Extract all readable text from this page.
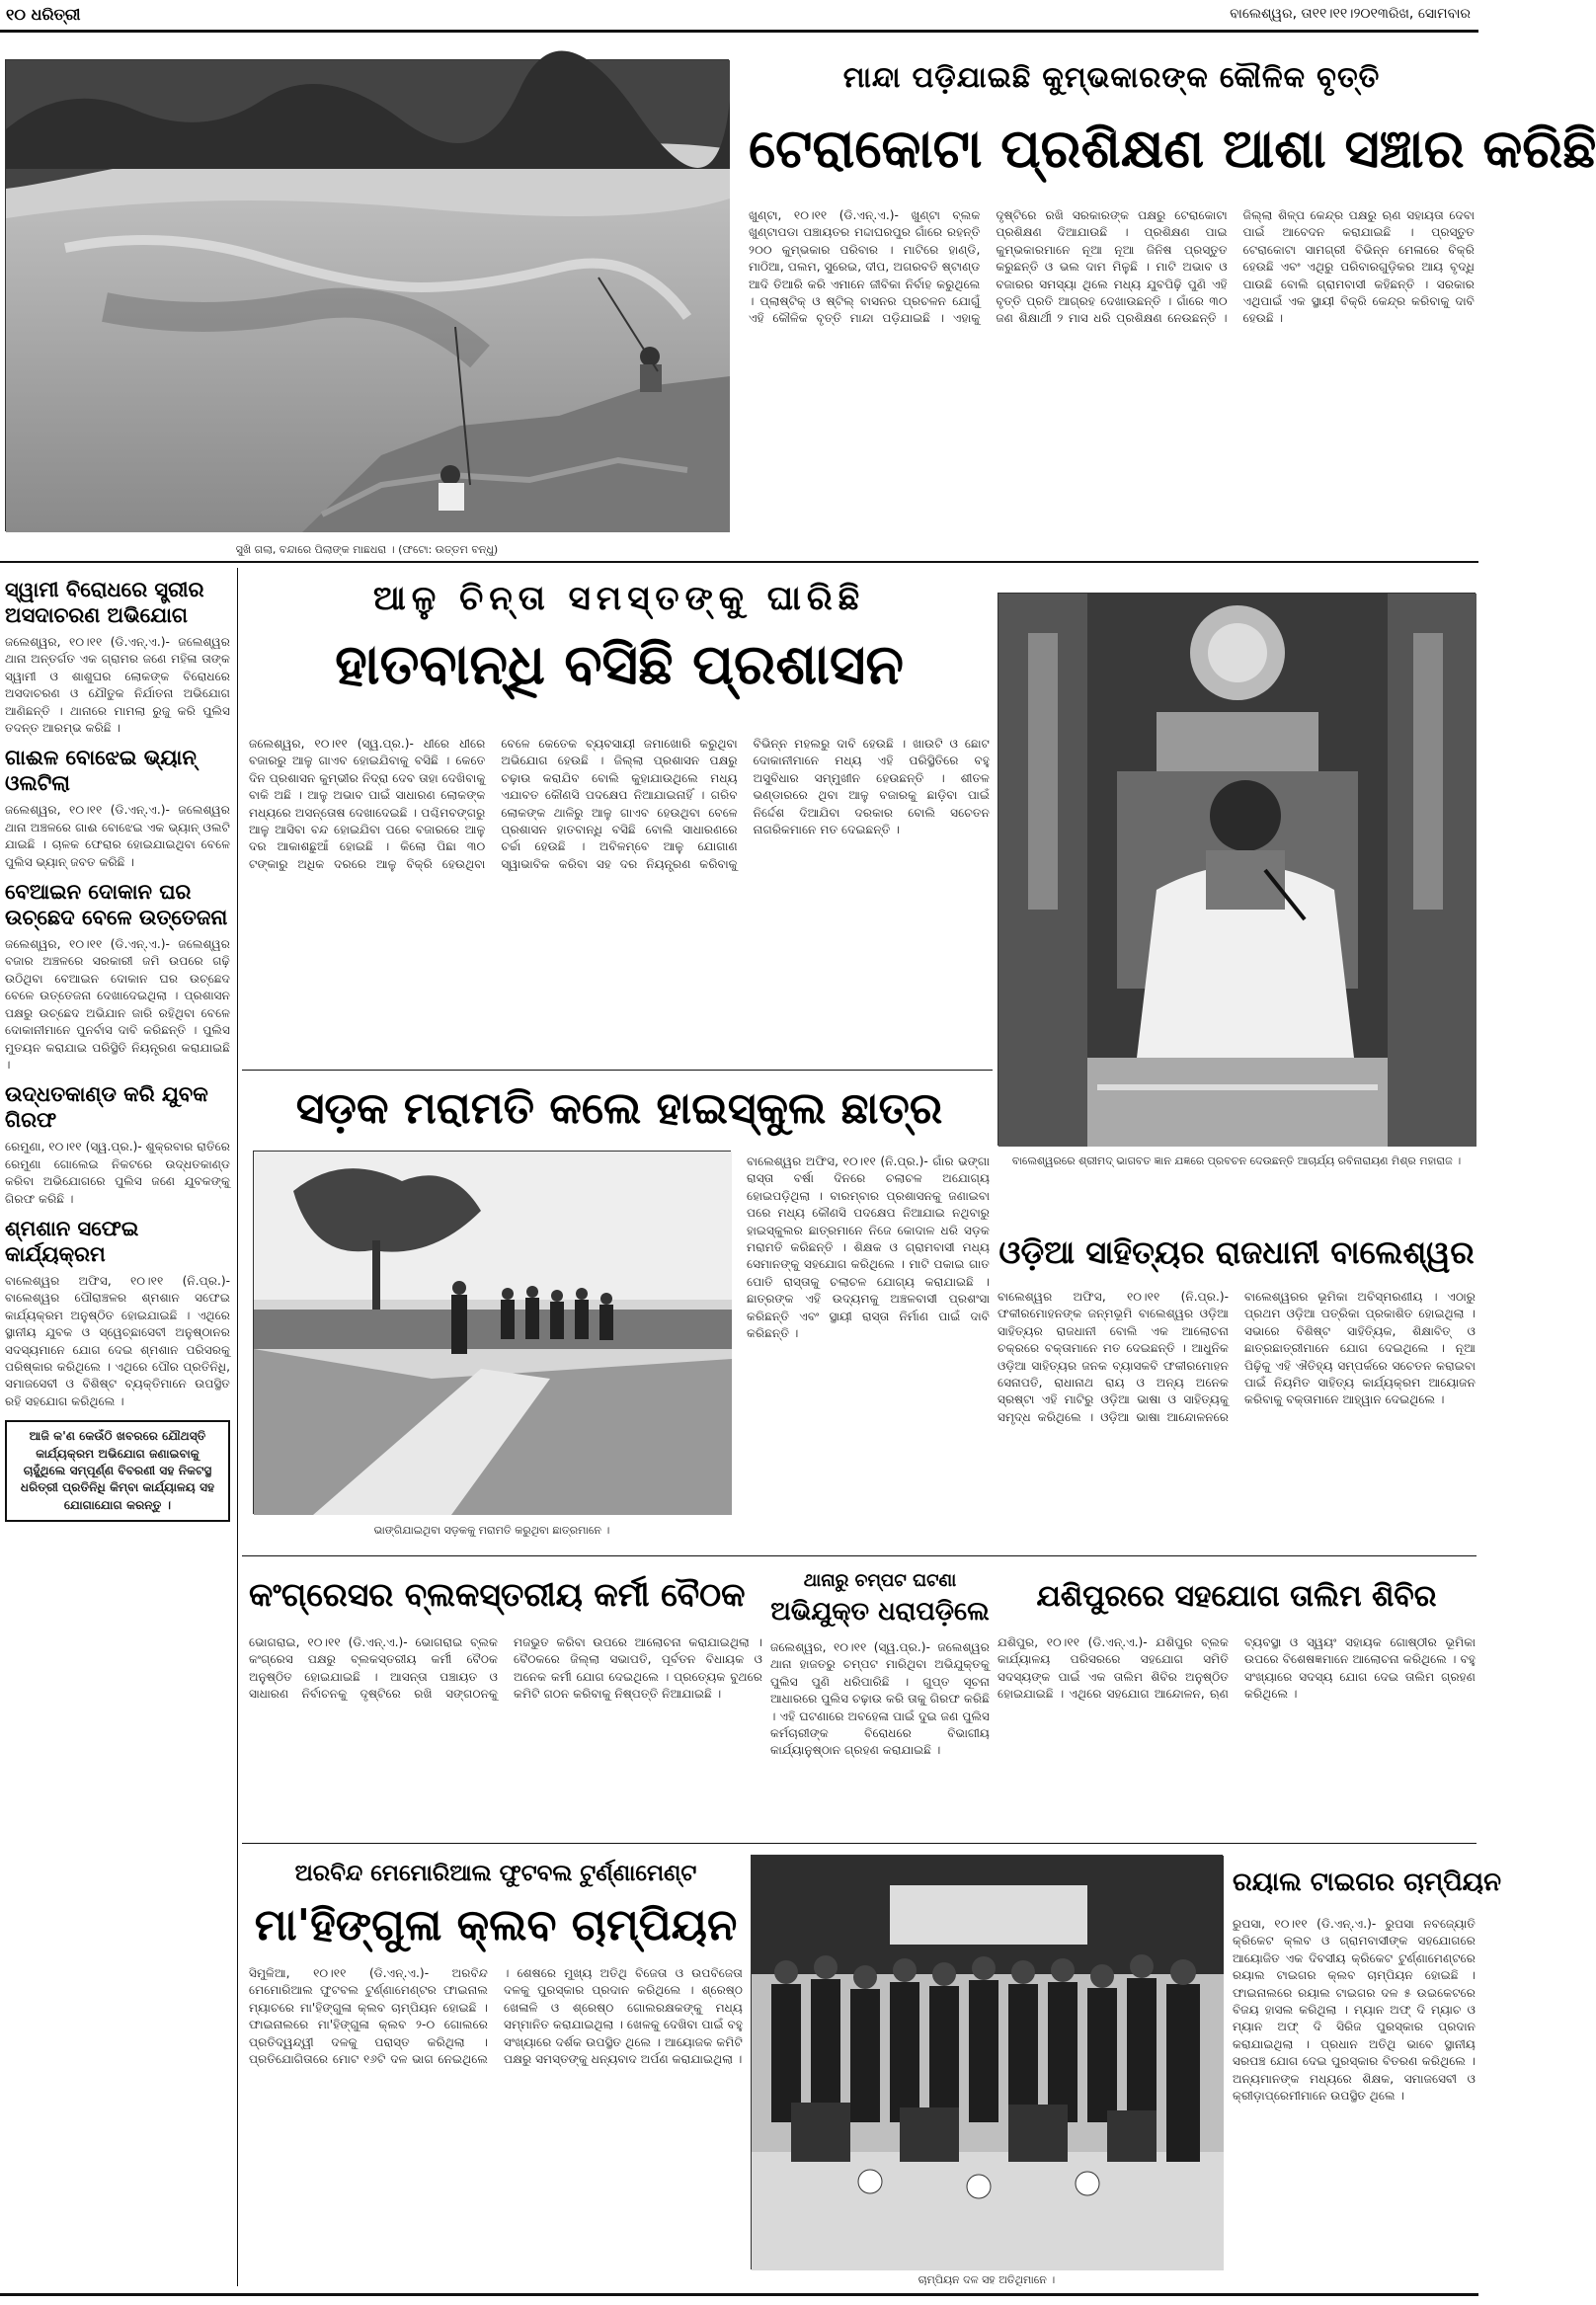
୧୦ ଧରିତ୍ରୀ	ବାଲେଶ୍ୱର, ତା୧୧।୧୧।୨୦୧୩ରିଖ, ସୋମବାର
ସୁଖି ଗଲା, ବନ୍ଦାରେ ପିଲାଙ୍କ ମାଛଧରା । (ଫଟୋ: ଉତ୍ତମ ବନ୍ଧୁ)
ମାନ୍ଦା ପଡ଼ିଯାଇଛି କୁମ୍ଭକାରଙ୍କ କୌଳିକ ବୃତ୍ତି
ଟେରାକୋଟା ପ୍ରଶିକ୍ଷଣ ଆଶା ସଞ୍ଚାର କରିଛି
ଖୁଣ୍ଟା, ୧୦।୧୧ (ଡି.ଏନ୍.ଏ.)- ଖୁଣ୍ଟା ବ୍ଲକ ଖୁଣ୍ଟାପଡା ପଞ୍ଚାୟତର ମଦ୍ଦାଘରପୁର ଗାଁରେ ରହନ୍ତି ୨୦୦ କୁମ୍ଭକାର ପରିବାର । ମାଟିରେ ହାଣ୍ଡି, ମାଠିଆ, ପଲମ, ସୁରେଇ, ଦୀପ, ଅଗରବତି ଷ୍ଟାଣ୍ଡ ଆଦି ତିଆରି କରି ଏମାନେ ଜୀବିକା ନିର୍ବାହ କରୁଥିଲେ । ପ୍ଲାଷ୍ଟିକ୍ ଓ ଷ୍ଟିଲ୍ ବାସନର ପ୍ରଚଳନ ଯୋଗୁଁ ଏହି କୌଳିକ ବୃତ୍ତି ମାନ୍ଦା ପଡ଼ିଯାଇଛି । ଏହାକୁ ଦୃଷ୍ଟିରେ ରଖି ସରକାରଙ୍କ ପକ୍ଷରୁ ଟେରାକୋଟା ପ୍ରଶିକ୍ଷଣ ଦିଆଯାଉଛି । ପ୍ରଶିକ୍ଷଣ ପାଇ କୁମ୍ଭକାରମାନେ ନୂଆ ନୂଆ ଜିନିଷ ପ୍ରସ୍ତୁତ କରୁଛନ୍ତି ଓ ଭଲ ଦାମ ମିଳୁଛି । ମାଟି ଅଭାବ ଓ ବଜାରର ସମସ୍ୟା ଥିଲେ ମଧ୍ୟ ଯୁବପିଢ଼ି ପୁଣି ଏହି ବୃତ୍ତି ପ୍ରତି ଆଗ୍ରହ ଦେଖାଉଛନ୍ତି । ଗାଁରେ ୩୦ ଜଣ ଶିକ୍ଷାର୍ଥୀ ୨ ମାସ ଧରି ପ୍ରଶିକ୍ଷଣ ନେଉଛନ୍ତି । ଜିଲ୍ଲା ଶିଳ୍ପ କେନ୍ଦ୍ର ପକ୍ଷରୁ ଋଣ ସହାୟତା ଦେବା ପାଇଁ ଆବେଦନ କରାଯାଇଛି । ପ୍ରସ୍ତୁତ ଟେରାକୋଟା ସାମଗ୍ରୀ ବିଭିନ୍ନ ମେଳାରେ ବିକ୍ରି ହେଉଛି ଏବଂ ଏଥିରୁ ପରିବାରଗୁଡ଼ିକର ଆୟ ବୃଦ୍ଧି ପାଉଛି ବୋଲି ଗ୍ରାମବାସୀ କହିଛନ୍ତି । ସରକାର ଏଥିପାଇଁ ଏକ ସ୍ଥାୟୀ ବିକ୍ରି କେନ୍ଦ୍ର କରିବାକୁ ଦାବି ହେଉଛି ।
ସ୍ୱାମୀ ବିରୋଧରେ ସ୍ତ୍ରୀର ଅସଦାଚରଣ ଅଭିଯୋଗ
ଜଲେଶ୍ୱର, ୧୦।୧୧ (ଡି.ଏନ୍.ଏ.)- ଜଲେଶ୍ୱର ଥାନା ଅନ୍ତର୍ଗତ ଏକ ଗ୍ରାମର ଜଣେ ମହିଳା ତାଙ୍କ ସ୍ୱାମୀ ଓ ଶାଶୁଘର ଲୋକଙ୍କ ବିରୋଧରେ ଅସଦାଚରଣ ଓ ଯୌତୁକ ନିର୍ଯାତନା ଅଭିଯୋଗ ଆଣିଛନ୍ତି । ଥାନାରେ ମାମଲା ରୁଜୁ କରି ପୁଲିସ ତଦନ୍ତ ଆରମ୍ଭ କରିଛି ।
ଗାଈଳ ବୋଝେଇ ଭ୍ୟାନ୍ ଓଲଟିଲା
ଜଲେଶ୍ୱର, ୧୦।୧୧ (ଡି.ଏନ୍.ଏ.)- ଜଲେଶ୍ୱର ଥାନା ଅଞ୍ଚଳରେ ଗାଈ ବୋଝେଇ ଏକ ଭ୍ୟାନ୍ ଓଲଟି ଯାଇଛି । ଚାଳକ ଫେରାର ହୋଇଯାଇଥିବା ବେଳେ ପୁଲିସ ଭ୍ୟାନ୍ ଜବତ କରିଛି ।
ବେଆଇନ ଦୋକାନ ଘର ଉଚ୍ଛେଦ ବେଳେ ଉତ୍ତେଜନା
ଜଲେଶ୍ୱର, ୧୦।୧୧ (ଡି.ଏନ୍.ଏ.)- ଜଲେଶ୍ୱର ବଜାର ଅଞ୍ଚଳରେ ସରକାରୀ ଜମି ଉପରେ ଗଢ଼ି ଉଠିଥିବା ବେଆଇନ ଦୋକାନ ଘର ଉଚ୍ଛେଦ ବେଳେ ଉତ୍ତେଜନା ଦେଖାଦେଇଥିଲା । ପ୍ରଶାସନ ପକ୍ଷରୁ ଉଚ୍ଛେଦ ଅଭିଯାନ ଜାରି ରହିଥିବା ବେଳେ ଦୋକାନୀମାନେ ପୁନର୍ବାସ ଦାବି କରିଛନ୍ତି । ପୁଲିସ ମୁତୟନ କରାଯାଇ ପରିସ୍ଥିତି ନିୟନ୍ତ୍ରଣ କରାଯାଇଛି ।
ଉଦ୍ଧତକାଣ୍ଡ କରି ଯୁବକ ଗିରଫ
ରେମୁଣା, ୧୦।୧୧ (ସ୍ୱ.ପ୍ର.)- ଶୁକ୍ରବାର ରାତିରେ ରେମୁଣା ଗୋଲେଇ ନିକଟରେ ଉଦ୍ଧତକାଣ୍ଡ କରିବା ଅଭିଯୋଗରେ ପୁଲିସ ଜଣେ ଯୁବକଙ୍କୁ ଗିରଫ କରିଛି ।
ଶ୍ମଶାନ ସଫେଇ କାର୍ଯ୍ୟକ୍ରମ
ବାଲେଶ୍ୱର ଅଫିସ, ୧୦।୧୧ (ନି.ପ୍ର.)- ବାଲେଶ୍ୱର ପୌରାଞ୍ଚଳର ଶ୍ମଶାନ ସଫେଇ କାର୍ଯ୍ୟକ୍ରମ ଅନୁଷ୍ଠିତ ହୋଇଯାଇଛି । ଏଥିରେ ସ୍ଥାନୀୟ ଯୁବକ ଓ ସ୍ୱେଚ୍ଛାସେବୀ ଅନୁଷ୍ଠାନର ସଦସ୍ୟମାନେ ଯୋଗ ଦେଇ ଶ୍ମଶାନ ପରିସରକୁ ପରିଷ୍କାର କରିଥିଲେ । ଏଥିରେ ପୌର ପ୍ରତିନିଧି, ସମାଜସେବୀ ଓ ବିଶିଷ୍ଟ ବ୍ୟକ୍ତିମାନେ ଉପସ୍ଥିତ ରହି ସହଯୋଗ କରିଥିଲେ ।
ଆଜି କ'ଣ କେଉଁଠି ଖବରରେ ଯୌଥସ୍ତି କାର୍ଯ୍ୟକ୍ରମ ଅଭିଯୋଗ ଜଣାଇବାକୁ ଚାହୁଁଥିଲେ ସମ୍ପୂର୍ଣ୍ଣ ବିବରଣୀ ସହ ନିକଟସ୍ଥ ଧରିତ୍ରୀ ପ୍ରତିନିଧି କିମ୍ବା କାର୍ଯ୍ୟାଳୟ ସହ ଯୋଗାଯୋଗ କରନ୍ତୁ ।
ଆଳୁ ଚିନ୍ତା ସମସ୍ତଙ୍କୁ ଘାରିଛି
ହାତବାନ୍ଧି ବସିଛି ପ୍ରଶାସନ
ଜଲେଶ୍ୱର, ୧୦।୧୧ (ସ୍ୱ.ପ୍ର.)- ଧୀରେ ଧୀରେ ବଜାରରୁ ଆଳୁ ଗାଏବ ହୋଇଯିବାକୁ ବସିଛି । କେତେ ଦିନ ପ୍ରଶାସନ କୁମ୍ଭୀର ନିଦ୍ରା ଦେବ ତାହା ଦେଖିବାକୁ ବାକି ଅଛି । ଆଳୁ ଅଭାବ ପାଇଁ ସାଧାରଣ ଲୋକଙ୍କ ମଧ୍ୟରେ ଅସନ୍ତୋଷ ଦେଖାଦେଇଛି । ପଶ୍ଚିମବଙ୍ଗରୁ ଆଳୁ ଆସିବା ବନ୍ଦ ହୋଇଯିବା ପରେ ବଜାରରେ ଆଳୁ ଦର ଆକାଶଛୁଆଁ ହୋଇଛି । କିଲୋ ପିଛା ୩୦ ଟଙ୍କାରୁ ଅଧିକ ଦରରେ ଆଳୁ ବିକ୍ରି ହେଉଥିବା ବେଳେ କେତେକ ବ୍ୟବସାୟୀ ଜମାଖୋରି କରୁଥିବା ଅଭିଯୋଗ ହେଉଛି । ଜିଲ୍ଲା ପ୍ରଶାସନ ପକ୍ଷରୁ ଚଢ଼ାଉ କରାଯିବ ବୋଲି କୁହାଯାଉଥିଲେ ମଧ୍ୟ ଏଯାବତ କୌଣସି ପଦକ୍ଷେପ ନିଆଯାଇନାହିଁ । ଗରିବ ଲୋକଙ୍କ ଥାଳିରୁ ଆଳୁ ଗାଏବ ହେଉଥିବା ବେଳେ ପ୍ରଶାସନ ହାତବାନ୍ଧି ବସିଛି ବୋଲି ସାଧାରଣରେ ଚର୍ଚ୍ଚା ହେଉଛି । ଅବିଳମ୍ବେ ଆଳୁ ଯୋଗାଣ ସ୍ୱାଭାବିକ କରିବା ସହ ଦର ନିୟନ୍ତ୍ରଣ କରିବାକୁ ବିଭିନ୍ନ ମହଲରୁ ଦାବି ହେଉଛି । ଖାଉଟି ଓ ଛୋଟ ଦୋକାନୀମାନେ ମଧ୍ୟ ଏହି ପରିସ୍ଥିତିରେ ବହୁ ଅସୁବିଧାର ସମ୍ମୁଖୀନ ହେଉଛନ୍ତି । ଶୀତଳ ଭଣ୍ଡାରରେ ଥିବା ଆଳୁ ବଜାରକୁ ଛାଡ଼ିବା ପାଇଁ ନିର୍ଦ୍ଦେଶ ଦିଆଯିବା ଦରକାର ବୋଲି ସଚେତନ ନାଗରିକମାନେ ମତ ଦେଇଛନ୍ତି ।
ବାଲେଶ୍ୱରରେ ଶ୍ରୀମଦ୍ ଭାଗବତ ଜ୍ଞାନ ଯଜ୍ଞରେ ପ୍ରବଚନ ଦେଉଛନ୍ତି ଆଚାର୍ଯ୍ୟ ରବିନାରାୟଣ ମିଶ୍ର ମହାରାଜ ।
ସଡ଼କ ମରାମତି କଲେ ହାଇସ୍କୁଲ ଛାତ୍ର
ଭାଙ୍ଗିଯାଇଥିବା ସଡ଼କକୁ ମରାମତି କରୁଥିବା ଛାତ୍ରମାନେ ।
ବାଲେଶ୍ୱର ଅଫିସ, ୧୦।୧୧ (ନି.ପ୍ର.)- ଗାଁର ଭଙ୍ଗା ରାସ୍ତା ବର୍ଷା ଦିନରେ ଚଲାଚଳ ଅଯୋଗ୍ୟ ହୋଇପଡ଼ିଥିଲା । ବାରମ୍ବାର ପ୍ରଶାସନକୁ ଜଣାଇବା ପରେ ମଧ୍ୟ କୌଣସି ପଦକ୍ଷେପ ନିଆଯାଇ ନଥିବାରୁ ହାଇସ୍କୁଲର ଛାତ୍ରମାନେ ନିଜେ କୋଦାଳ ଧରି ସଡ଼କ ମରାମତି କରିଛନ୍ତି । ଶିକ୍ଷକ ଓ ଗ୍ରାମବାସୀ ମଧ୍ୟ ସେମାନଙ୍କୁ ସହଯୋଗ କରିଥିଲେ । ମାଟି ପକାଇ ଗାତ ପୋତି ରାସ୍ତାକୁ ଚଲାଚଳ ଯୋଗ୍ୟ କରାଯାଇଛି । ଛାତ୍ରଙ୍କ ଏହି ଉଦ୍ୟମକୁ ଅଞ୍ଚଳବାସୀ ପ୍ରଶଂସା କରିଛନ୍ତି ଏବଂ ସ୍ଥାୟୀ ରାସ୍ତା ନିର୍ମାଣ ପାଇଁ ଦାବି କରିଛନ୍ତି ।
ଓଡ଼ିଆ ସାହିତ୍ୟର ରାଜଧାନୀ ବାଲେଶ୍ୱର
ବାଲେଶ୍ୱର ଅଫିସ, ୧୦।୧୧ (ନି.ପ୍ର.)- ଫକୀରମୋହନଙ୍କ ଜନ୍ମଭୂମି ବାଲେଶ୍ୱର ଓଡ଼ିଆ ସାହିତ୍ୟର ରାଜଧାନୀ ବୋଲି ଏକ ଆଲୋଚନା ଚକ୍ରରେ ବକ୍ତାମାନେ ମତ ଦେଇଛନ୍ତି । ଆଧୁନିକ ଓଡ଼ିଆ ସାହିତ୍ୟର ଜନକ ବ୍ୟାସକବି ଫକୀରମୋହନ ସେନାପତି, ରାଧାନାଥ ରାୟ ଓ ଅନ୍ୟ ଅନେକ ସ୍ରଷ୍ଟା ଏହି ମାଟିରୁ ଓଡ଼ିଆ ଭାଷା ଓ ସାହିତ୍ୟକୁ ସମୃଦ୍ଧ କରିଥିଲେ । ଓଡ଼ିଆ ଭାଷା ଆନ୍ଦୋଳନରେ ବାଲେଶ୍ୱରର ଭୂମିକା ଅବିସ୍ମରଣୀୟ । ଏଠାରୁ ପ୍ରଥମ ଓଡ଼ିଆ ପତ୍ରିକା ପ୍ରକାଶିତ ହୋଇଥିଲା । ସଭାରେ ବିଶିଷ୍ଟ ସାହିତ୍ୟିକ, ଶିକ୍ଷାବିତ୍ ଓ ଛାତ୍ରଛାତ୍ରୀମାନେ ଯୋଗ ଦେଇଥିଲେ । ନୂଆ ପିଢ଼ିକୁ ଏହି ଐତିହ୍ୟ ସମ୍ପର୍କରେ ସଚେତନ କରାଇବା ପାଇଁ ନିୟମିତ ସାହିତ୍ୟ କାର୍ଯ୍ୟକ୍ରମ ଆୟୋଜନ କରିବାକୁ ବକ୍ତାମାନେ ଆହ୍ୱାନ ଦେଇଥିଲେ ।
କଂଗ୍ରେସର ବ୍ଲକସ୍ତରୀୟ କର୍ମୀ ବୈଠକ
ଭୋଗରାଇ, ୧୦।୧୧ (ଡି.ଏନ୍.ଏ.)- ଭୋଗରାଇ ବ୍ଲକ କଂଗ୍ରେସ ପକ୍ଷରୁ ବ୍ଲକସ୍ତରୀୟ କର୍ମୀ ବୈଠକ ଅନୁଷ୍ଠିତ ହୋଇଯାଇଛି । ଆସନ୍ତା ପଞ୍ଚାୟତ ଓ ସାଧାରଣ ନିର୍ବାଚନକୁ ଦୃଷ୍ଟିରେ ରଖି ସଙ୍ଗଠନକୁ ମଜଭୁତ କରିବା ଉପରେ ଆଲୋଚନା କରାଯାଇଥିଲା । ବୈଠକରେ ଜିଲ୍ଲା ସଭାପତି, ପୂର୍ବତନ ବିଧାୟକ ଓ ଅନେକ କର୍ମୀ ଯୋଗ ଦେଇଥିଲେ । ପ୍ରତ୍ୟେକ ବୁଥରେ କମିଟି ଗଠନ କରିବାକୁ ନିଷ୍ପତ୍ତି ନିଆଯାଇଛି ।
ଥାନାରୁ ଚମ୍ପଟ ଘଟଣା
ଅଭିଯୁକ୍ତ ଧରାପଡ଼ିଲେ
ଜଲେଶ୍ୱର, ୧୦।୧୧ (ସ୍ୱ.ପ୍ର.)- ଜଲେଶ୍ୱର ଥାନା ହାଜତରୁ ଚମ୍ପଟ ମାରିଥିବା ଅଭିଯୁକ୍ତକୁ ପୁଲିସ ପୁଣି ଧରିପାରିଛି । ଗୁପ୍ତ ସୂଚନା ଆଧାରରେ ପୁଲିସ ଚଢ଼ାଉ କରି ତାକୁ ଗିରଫ କରିଛି । ଏହି ଘଟଣାରେ ଅବହେଳା ପାଇଁ ଦୁଇ ଜଣ ପୁଲିସ କର୍ମଚାରୀଙ୍କ ବିରୋଧରେ ବିଭାଗୀୟ କାର୍ଯ୍ୟାନୁଷ୍ଠାନ ଗ୍ରହଣ କରାଯାଇଛି ।
ଯଶିପୁରରେ ସହଯୋଗ ତାଲିମ ଶିବିର
ଯଶିପୁର, ୧୦।୧୧ (ଡି.ଏନ୍.ଏ.)- ଯଶିପୁର ବ୍ଲକ କାର୍ଯ୍ୟାଳୟ ପରିସରରେ ସହଯୋଗ ସମିତି ସଦସ୍ୟଙ୍କ ପାଇଁ ଏକ ତାଲିମ ଶିବିର ଅନୁଷ୍ଠିତ ହୋଇଯାଇଛି । ଏଥିରେ ସହଯୋଗ ଆନ୍ଦୋଳନ, ଋଣ ବ୍ୟବସ୍ଥା ଓ ସ୍ୱୟଂ ସହାୟକ ଗୋଷ୍ଠୀର ଭୂମିକା ଉପରେ ବିଶେଷଜ୍ଞମାନେ ଆଲୋଚନା କରିଥିଲେ । ବହୁ ସଂଖ୍ୟାରେ ସଦସ୍ୟ ଯୋଗ ଦେଇ ତାଲିମ ଗ୍ରହଣ କରିଥିଲେ ।
ଅରବିନ୍ଦ ମେମୋରିଆଲ ଫୁଟବଲ ଟୁର୍ଣ୍ଣାମେଣ୍ଟ
ମା'ହିଙ୍ଗୁଳା କ୍ଲବ ଚାମ୍ପିୟନ
ସିମୁଳିଆ, ୧୦।୧୧ (ଡି.ଏନ୍.ଏ.)- ଅରବିନ୍ଦ ମେମୋରିଆଲ ଫୁଟବଲ ଟୁର୍ଣ୍ଣାମେଣ୍ଟର ଫାଇନାଲ ମ୍ୟାଚରେ ମା'ହିଙ୍ଗୁଳା କ୍ଲବ ଚାମ୍ପିୟନ ହୋଇଛି । ଫାଇନାଲରେ ମା'ହିଙ୍ଗୁଳା କ୍ଲବ ୨-୦ ଗୋଲରେ ପ୍ରତିଦ୍ୱନ୍ଦ୍ୱୀ ଦଳକୁ ପରାସ୍ତ କରିଥିଲା । ପ୍ରତିଯୋଗିତାରେ ମୋଟ ୧୬ଟି ଦଳ ଭାଗ ନେଇଥିଲେ । ଶେଷରେ ମୁଖ୍ୟ ଅତିଥି ବିଜେତା ଓ ଉପବିଜେତା ଦଳକୁ ପୁରସ୍କାର ପ୍ରଦାନ କରିଥିଲେ । ଶ୍ରେଷ୍ଠ ଖେଳାଳି ଓ ଶ୍ରେଷ୍ଠ ଗୋଲରକ୍ଷକଙ୍କୁ ମଧ୍ୟ ସମ୍ମାନିତ କରାଯାଇଥିଲା । ଖେଳକୁ ଦେଖିବା ପାଇଁ ବହୁ ସଂଖ୍ୟାରେ ଦର୍ଶକ ଉପସ୍ଥିତ ଥିଲେ । ଆୟୋଜକ କମିଟି ପକ୍ଷରୁ ସମସ୍ତଙ୍କୁ ଧନ୍ୟବାଦ ଅର୍ପଣ କରାଯାଇଥିଲା ।
ଚାମ୍ପିୟନ ଦଳ ସହ ଅତିଥିମାନେ ।
ରୟାଲ ଟାଇଗର ଚାମ୍ପିୟନ
ରୁପସା, ୧୦।୧୧ (ଡି.ଏନ୍.ଏ.)- ରୁପସା ନବଜ୍ୟୋତି କ୍ରିକେଟ କ୍ଲବ ଓ ଗ୍ରାମବାସୀଙ୍କ ସହଯୋଗରେ ଆୟୋଜିତ ଏକ ଦିବସୀୟ କ୍ରିକେଟ ଟୁର୍ଣ୍ଣାମେଣ୍ଟରେ ରୟାଲ ଟାଇଗର କ୍ଲବ ଚାମ୍ପିୟନ ହୋଇଛି । ଫାଇନାଲରେ ରୟାଲ ଟାଇଗର ଦଳ ୫ ଉଇକେଟରେ ବିଜୟ ହାସଲ କରିଥିଲା । ମ୍ୟାନ ଅଫ୍ ଦି ମ୍ୟାଚ ଓ ମ୍ୟାନ ଅଫ୍ ଦି ସିରିଜ ପୁରସ୍କାର ପ୍ରଦାନ କରାଯାଇଥିଲା । ପ୍ରଧାନ ଅତିଥି ଭାବେ ସ୍ଥାନୀୟ ସରପଞ୍ଚ ଯୋଗ ଦେଇ ପୁରସ୍କାର ବିତରଣ କରିଥିଲେ । ଅନ୍ୟମାନଙ୍କ ମଧ୍ୟରେ ଶିକ୍ଷକ, ସମାଜସେବୀ ଓ କ୍ରୀଡ଼ାପ୍ରେମୀମାନେ ଉପସ୍ଥିତ ଥିଲେ ।
